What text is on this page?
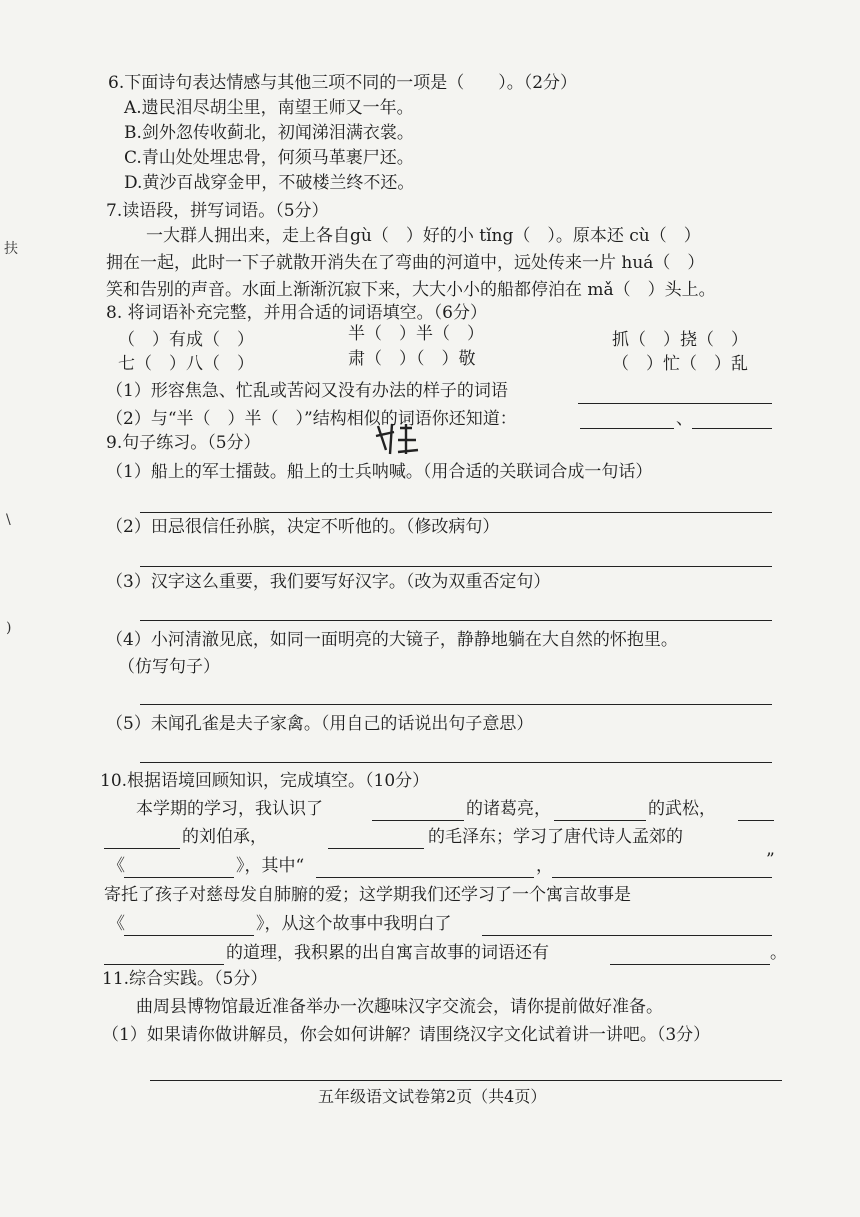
扶
\
)
6.下面诗句表达情感与其他三项不同的一项是（　　）。（2分）
A.遗民泪尽胡尘里，南望王师又一年。
B.剑外忽传收蓟北，初闻涕泪满衣裳。
C.青山处处埋忠骨，何须马革裹尸还。
D.黄沙百战穿金甲，不破楼兰终不还。
7.读语段，拼写词语。（5分）
一大群人拥出来，走上各自gù（　）好的小 tǐng（　）。原本还 cù（　）
拥在一起，此时一下子就散开消失在了弯曲的河道中，远处传来一片 huá（　）
笑和告别的声音。水面上渐渐沉寂下来，大大小小的船都停泊在 mǎ（　）头上。
8. 将词语补充完整，并用合适的词语填空。（6分）
（　）有成（　）	半（　）半（　）	抓（　）挠（　）
七（　）八（　）	肃（　）（　）敬	（　）忙（　）乱
（1）形容焦急、忙乱或苦闷又没有办法的样子的词语
（2）与“半（　）半（　）”结构相似的词语你还知道：	、
9.句子练习。（5分）
（1）船上的军士擂鼓。船上的士兵呐喊。（用合适的关联词合成一句话）
（2）田忌很信任孙膑，决定不听他的。（修改病句）
（3）汉字这么重要，我们要写好汉字。（改为双重否定句）
（4）小河清澈见底，如同一面明亮的大镜子，静静地躺在大自然的怀抱里。
（仿写句子）
（5）未闻孔雀是夫子家禽。（用自己的话说出句子意思）
10.根据语境回顾知识，完成填空。（10分）
本学期的学习，我认识了	的诸葛亮，	的武松，
的刘伯承，	的毛泽东；学习了唐代诗人孟郊的
《	》，其中“	，	”
寄托了孩子对慈母发自肺腑的爱；这学期我们还学习了一个寓言故事是
《	》，从这个故事中我明白了
的道理，我积累的出自寓言故事的词语还有	。
11.综合实践。（5分）
曲周县博物馆最近准备举办一次趣味汉字交流会，请你提前做好准备。
（1）如果请你做讲解员，你会如何讲解？请围绕汉字文化试着讲一讲吧。（3分）
五年级语文试卷第2页（共4页）
